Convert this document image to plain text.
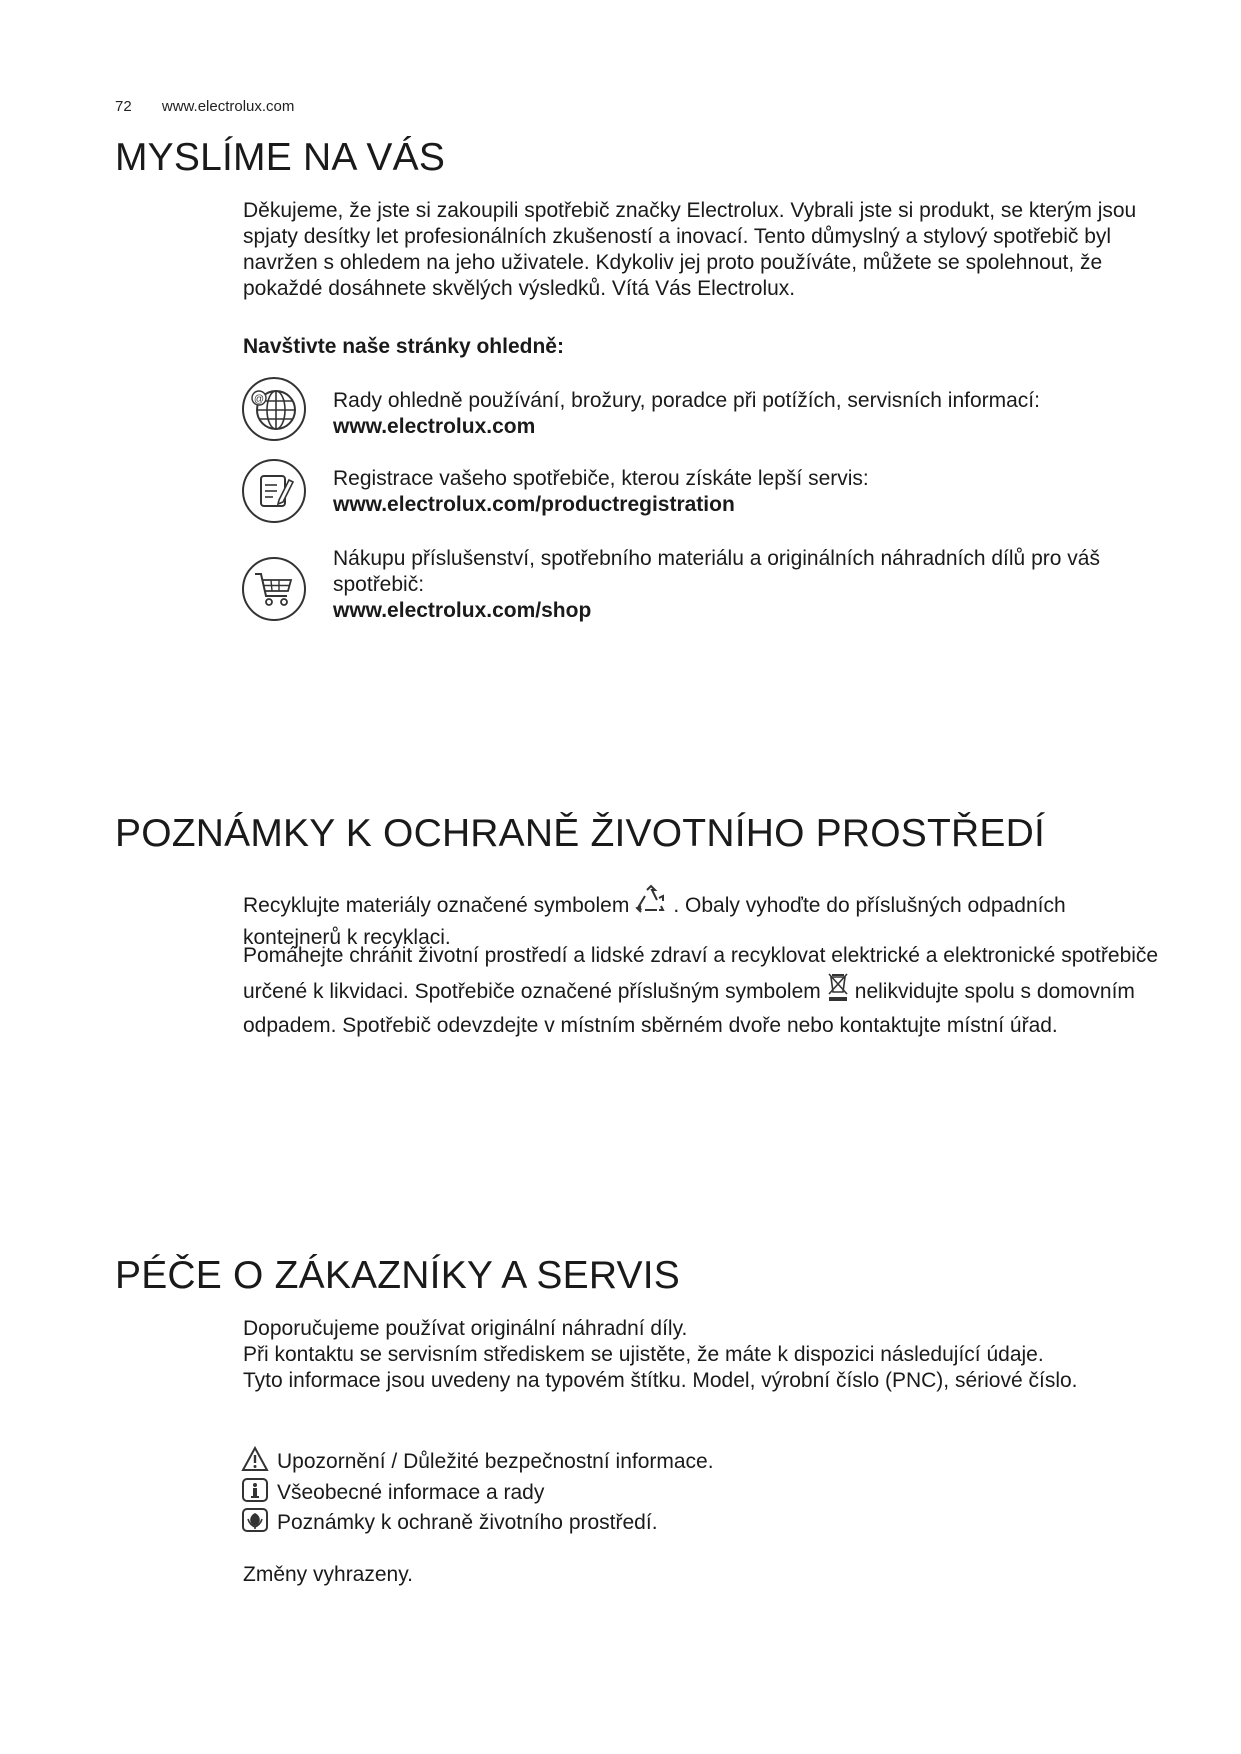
72 www.electrolux.com
MYSLÍME NA VÁS

Děkujeme, že jste si zakoupili spotřebič značky Electrolux. Vybrali jste si produkt, se kterým jsou spjaty desítky let profesionálních zkušeností a inovací. Tento důmyslný a stylový spotřebič byl navržen s ohledem na jeho uživatele. Kdykoliv jej proto používáte, můžete se spolehnout, že pokaždé dosáhnete skvělých výsledků. Vítá Vás Electrolux.

Navštivte naše stránky ohledně:
@	Rady ohledně používání, brožury, poradce při potížích, servisních informací:
www.electrolux.com
Registrace vašeho spotřebiče, kterou získáte lepší servis:
www.electrolux.com/productregistration
Nákupu příslušenství, spotřebního materiálu a originálních náhradních dílů pro váš spotřebič:
www.electrolux.com/shop
POZNÁMKY K OCHRANĚ ŽIVOTNÍHO PROSTŘEDÍ

Recyklujte materiály označené symbolem . Obaly vyhoďte do příslušných odpadních kontejnerů k recyklaci.

Pomáhejte chránit životní prostředí a lidské zdraví a recyklovat elektrické a elektronické spotřebiče určené k likvidaci. Spotřebiče označené příslušným symbolem nelikvidujte spolu s domovním odpadem. Spotřebič odevzdejte v místním sběrném dvoře nebo kontaktujte místní úřad.

PÉČE O ZÁKAZNÍKY A SERVIS

Doporučujeme používat originální náhradní díly.

Při kontaktu se servisním střediskem se ujistěte, že máte k dispozici následující údaje.

Tyto informace jsou uvedeny na typovém štítku. Model, výrobní číslo (PNC), sériové číslo.

Upozornění / Důležité bezpečnostní informace.
Všeobecné informace a rady
Poznámky k ochraně životního prostředí.
Změny vyhrazeny.
